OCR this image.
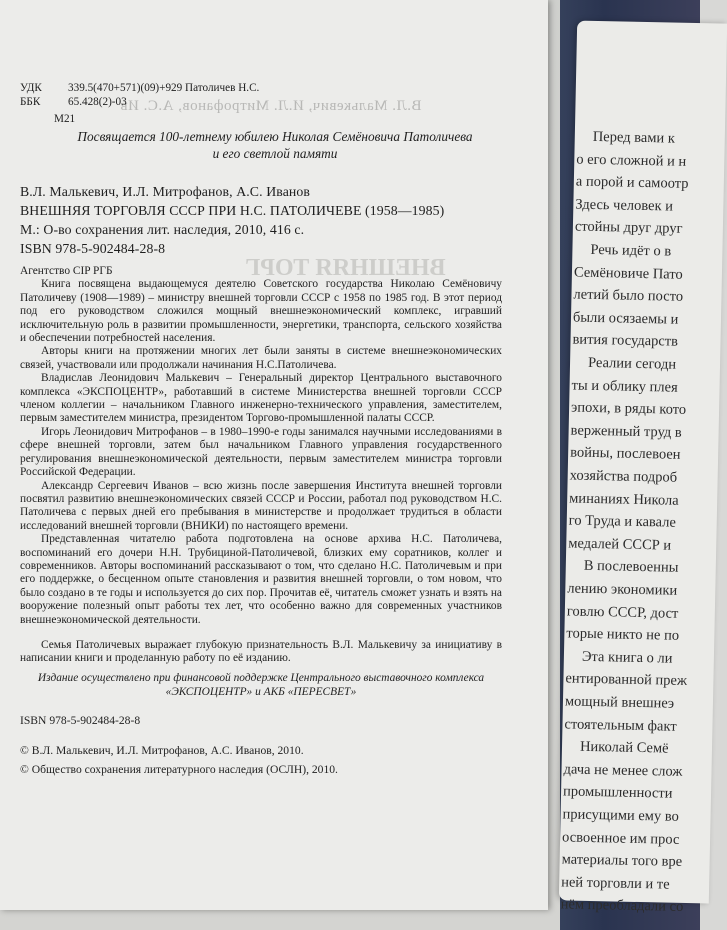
Перед вами к
о его сложной и н
а порой и самоотр
Здесь человек и
стойны друг друг
Речь идёт о в
Семёновиче Пато
летий было посто
были осязаемы и
вития государств
Реалии сегодн
ты и облику плея
эпохи, в ряды кото
верженный труд в
войны, послевоен
хозяйства подроб
минаниях Никола
го Труда и кавале
медалей СССР и
В послевоенны
лению экономики
говлю СССР, дост
торые никто не по
Эта книга о ли
ентированной преж
мощный внешнеэ
стоятельным факт
Николай Семё
дача не менее слож
промышленности
присущими ему во
освоенное им прос
материалы того вре
ней торговли и те
нём преобладали со
В.Л. Малькевич, И.Л. Митрофанов, А.С. Ив
ВНЕШНЯЯ ТОРГ
УДК 339.5(470+571)(09)+929 Патоличев Н.С.
ББК 65.428(2)-03
М21
Посвящается 100-летнему юбилею Николая Семёновича Патоличева
и его светлой памяти
В.Л. Малькевич, И.Л. Митрофанов, А.С. Иванов
ВНЕШНЯЯ ТОРГОВЛЯ СССР ПРИ Н.С. ПАТОЛИЧЕВЕ (1958—1985)
М.: О-во сохранения лит. наследия, 2010, 416 с.
ISBN 978-5-902484-28-8

Агентство CIP РГБ

Книга посвящена выдающемуся деятелю Советского государства Николаю Семёновичу Патоличеву (1908—1989) – министру внешней торговли СССР с 1958 по 1985 год. В этот период под его руководством сложился мощный внешнеэкономический комплекс, игравший исключительную роль в развитии промышленности, энергетики, транспорта, сельского хозяйства и обеспечении потребностей населения.

Авторы книги на протяжении многих лет были заняты в системе внешнеэкономических связей, участвовали или продолжали начинания Н.С.Патоличева.

Владислав Леонидович Малькевич – Генеральный директор Центрального выставочного комплекса «ЭКСПОЦЕНТР», работавший в системе Министерства внешней торговли СССР членом коллегии – начальником Главного инженерно-технического управления, заместителем, первым заместителем министра, президентом Торгово-промышленной палаты СССР.

Игорь Леонидович Митрофанов – в 1980–1990-е годы занимался научными исследованиями в сфере внешней торговли, затем был начальником Главного управления государственного регулирования внешнеэкономической деятельности, первым заместителем министра торговли Российской Федерации.

Александр Сергеевич Иванов – всю жизнь после завершения Института внешней торговли посвятил развитию внешнеэкономических связей СССР и России, работал под руководством Н.С. Патоличева с первых дней его пребывания в министерстве и продолжает трудиться в области исследований внешней торговли (ВНИКИ) по настоящего времени.

Представленная читателю работа подготовлена на основе архива Н.С. Патоличева, воспоминаний его дочери Н.Н. Трубициной-Патоличевой, близких ему соратников, коллег и современников. Авторы воспоминаний рассказывают о том, что сделано Н.С. Патоличевым и при его поддержке, о бесценном опыте становления и развития внешней торговли, о том новом, что было создано в те годы и используется до сих пор. Прочитав её, читатель сможет узнать и взять на вооружение полезный опыт работы тех лет, что особенно важно для современных участников внешнеэкономической деятельности.

Семья Патоличевых выражает глубокую признательность В.Л. Малькевичу за инициативу в написании книги и проделанную работу по её изданию.

Издание осуществлено при финансовой поддержке Центрального выставочного комплекса
«ЭКСПОЦЕНТР» и АКБ «ПЕРЕСВЕТ»
ISBN 978-5-902484-28-8
© В.Л. Малькевич, И.Л. Митрофанов, А.С. Иванов, 2010.
© Общество сохранения литературного наследия (ОСЛН), 2010.
